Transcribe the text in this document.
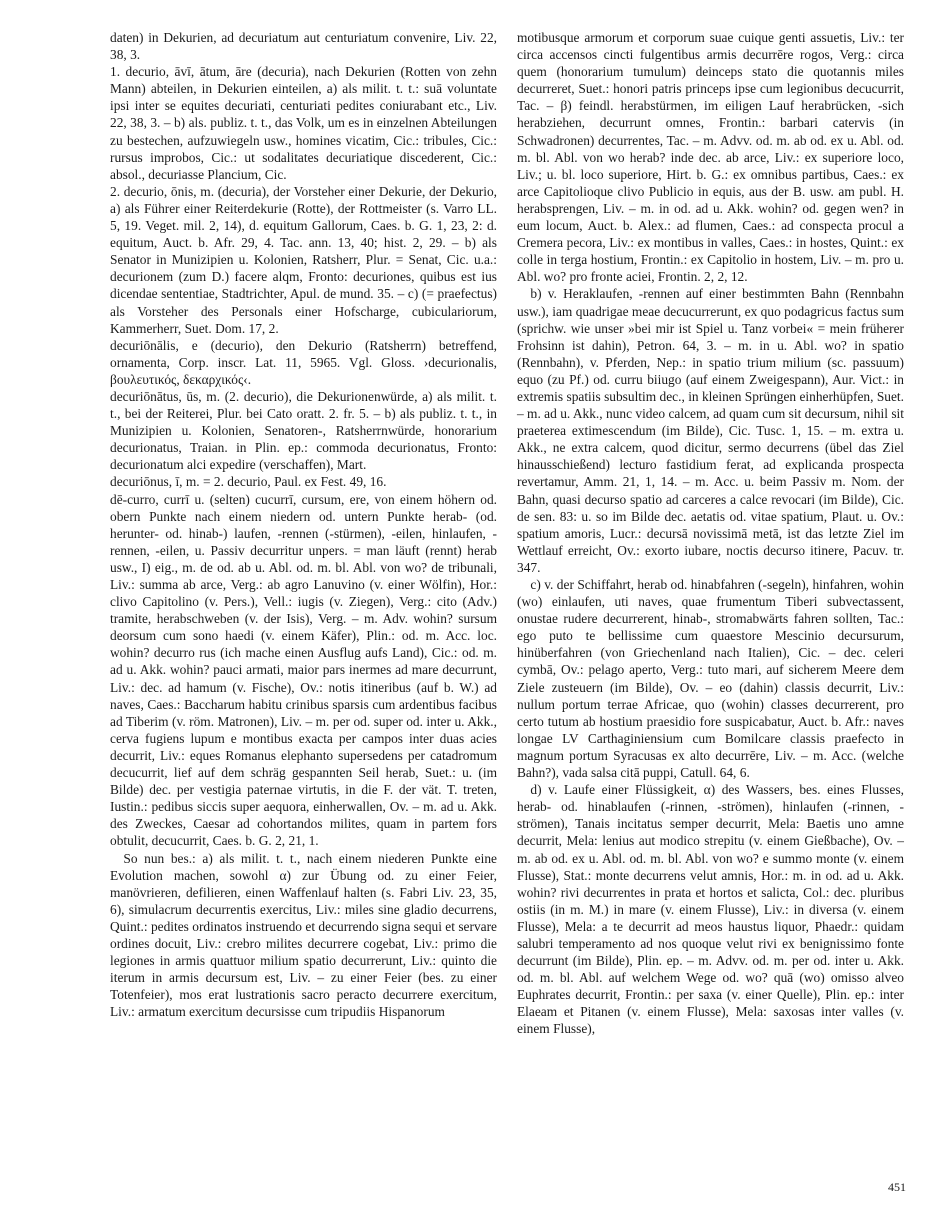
daten) in Dekurien, ad decuriatum aut centuriatum convenire, Liv. 22, 38, 3.

1. decurio, āvī, ātum, āre (decuria), nach Dekurien (Rotten von zehn Mann) abteilen, in Dekurien einteilen, a) als milit. t. t.: suā voluntate ipsi inter se equites decuriati, centuriati pedites coniurabant etc., Liv. 22, 38, 3. – b) als. publiz. t. t., das Volk, um es in einzelnen Abteilungen zu bestechen, aufzuwiegeln usw., homines vicatim, Cic.: tribules, Cic.: rursus improbos, Cic.: ut sodalitates decuriatique discederent, Cic.: absol., decuriasse Plancium, Cic.

2. decurio, ōnis, m. (decuria), der Vorsteher einer Dekurie, der Dekurio, a) als Führer einer Reiterdekurie (Rotte), der Rottmeister (s. Varro LL. 5, 19. Veget. mil. 2, 14), d. equitum Gallorum, Caes. b. G. 1, 23, 2: d. equitum, Auct. b. Afr. 29, 4. Tac. ann. 13, 40; hist. 2, 29. – b) als Senator in Munizipien u. Kolonien, Ratsherr, Plur. = Senat, Cic. u.a.: decurionem (zum D.) facere alqm, Fronto: decuriones, quibus est ius dicendae sententiae, Stadtrichter, Apul. de mund. 35. – c) (= praefectus) als Vorsteher des Personals einer Hofscharge, cubiculariorum, Kammerherr, Suet. Dom. 17, 2.

decuriōnālis, e (decurio), den Dekurio (Ratsherrn) betreffend, ornamenta, Corp. inscr. Lat. 11, 5965. Vgl. Gloss. ›decurionalis, βουλευτικός, δεκαρχικός‹.

decuriōnātus, ūs, m. (2. decurio), die Dekurionenwürde, a) als milit. t. t., bei der Reiterei, Plur. bei Cato oratt. 2. fr. 5. – b) als publiz. t. t., in Munizipien u. Kolonien, Senatoren-, Ratsherrnwürde, honorarium decurionatus, Traian. in Plin. ep.: commoda decurionatus, Fronto: decurionatum alci expedire (verschaffen), Mart.

decuriōnus, ī, m. = 2. decurio, Paul. ex Fest. 49, 16.

dē-curro, currī u. (selten) cucurrī, cursum, ere, von einem höhern od. obern Punkte nach einem niedern od. untern Punkte herab- (od. herunter- od. hinab-) laufen, -rennen (-stürmen), -eilen, hinlaufen, -rennen, -eilen, u. Passiv decurritur unpers. = man läuft (rennt) herab usw., I) eig., m. de od. ab u. Abl. od. m. bl. Abl. von wo? de tribunali, Liv.: summa ab arce, Verg.: ab agro Lanuvino (v. einer Wölfin), Hor.: clivo Capitolino (v. Pers.), Vell.: iugis (v. Ziegen), Verg.: cito (Adv.) tramite, herabschweben (v. der Isis), Verg. – m. Adv. wohin? sursum deorsum cum sono haedi (v. einem Käfer), Plin.: od. m. Acc. loc. wohin? decurro rus (ich mache einen Ausflug aufs Land), Cic.: od. m. ad u. Akk. wohin? pauci armati, maior pars inermes ad mare decurrunt, Liv.: dec. ad hamum (v. Fische), Ov.: notis itineribus (auf b. W.) ad naves, Caes.: Baccharum habitu crinibus sparsis cum ardentibus facibus ad Tiberim (v. röm. Matronen), Liv. – m. per od. super od. inter u. Akk., cerva fugiens lupum e montibus exacta per campos inter duas acies decurrit, Liv.: eques Romanus elephanto supersedens per catadromum decucurrit, lief auf dem schräg gespannten Seil herab, Suet.: u. (im Bilde) dec. per vestigia paternae virtutis, in die F. der vät. T. treten, Iustin.: pedibus siccis super aequora, einherwallen, Ov. – m. ad u. Akk. des Zweckes, Caesar ad cohortandos milites, quam in partem fors obtulit, decucurrit, Caes. b. G. 2, 21, 1.

So nun bes.: a) als milit. t. t., nach einem niederen Punkte eine Evolution machen, sowohl α) zur Übung od. zu einer Feier, manövrieren, defilieren, einen Waffenlauf halten (s. Fabri Liv. 23, 35, 6), simulacrum decurrentis exercitus, Liv.: miles sine gladio decurrens, Quint.: pedites ordinatos instruendo et decurrendo signa sequi et servare ordines docuit, Liv.: crebro milites decurrere cogebat, Liv.: primo die legiones in armis quattuor milium spatio decurrerunt, Liv.: quinto die iterum in armis decursum est, Liv. – zu einer Feier (bes. zu einer Totenfeier), mos erat lustrationis sacro peracto decurrere exercitum, Liv.: armatum exercitum decursisse cum tripudiis Hispanorum

motibusque armorum et corporum suae cuique genti assuetis, Liv.: ter circa accensos cincti fulgentibus armis decurrēre rogos, Verg.: circa quem (honorarium tumulum) deinceps stato die quotannis miles decurreret, Suet.: honori patris princeps ipse cum legionibus decucurrit, Tac. – β) feindl. herabstürmen, im eiligen Lauf herabrücken, -sich herabziehen, decurrunt omnes, Frontin.: barbari catervis (in Schwadronen) decurrentes, Tac. – m. Advv. od. m. ab od. ex u. Abl. od. m. bl. Abl. von wo herab? inde dec. ab arce, Liv.: ex superiore loco, Liv.; u. bl. loco superiore, Hirt. b. G.: ex omnibus partibus, Caes.: ex arce Capitolioque clivo Publicio in equis, aus der B. usw. am publ. H. herabsprengen, Liv. – m. in od. ad u. Akk. wohin? od. gegen wen? in eum locum, Auct. b. Alex.: ad flumen, Caes.: ad conspecta procul a Cremera pecora, Liv.: ex montibus in valles, Caes.: in hostes, Quint.: ex colle in terga hostium, Frontin.: ex Capitolio in hostem, Liv. – m. pro u. Abl. wo? pro fronte aciei, Frontin. 2, 2, 12.

b) v. Heraklaufen, -rennen auf einer bestimmten Bahn (Rennbahn usw.), iam quadrigae meae decucurrerunt, ex quo podagricus factus sum (sprichw. wie unser »bei mir ist Spiel u. Tanz vorbei« = mein früherer Frohsinn ist dahin), Petron. 64, 3. – m. in u. Abl. wo? in spatio (Rennbahn), v. Pferden, Nep.: in spatio trium milium (sc. passuum) equo (zu Pf.) od. curru biiugo (auf einem Zweigespann), Aur. Vict.: in extremis spatiis subsultim dec., in kleinen Sprüngen einherhüpfen, Suet. – m. ad u. Akk., nunc video calcem, ad quam cum sit decursum, nihil sit praeterea extimescendum (im Bilde), Cic. Tusc. 1, 15. – m. extra u. Akk., ne extra calcem, quod dicitur, sermo decurrens (übel das Ziel hinausschießend) lecturo fastidium ferat, ad explicanda prospecta revertamur, Amm. 21, 1, 14. – m. Acc. u. beim Passiv m. Nom. der Bahn, quasi decurso spatio ad carceres a calce revocari (im Bilde), Cic. de sen. 83: u. so im Bilde dec. aetatis od. vitae spatium, Plaut. u. Ov.: spatium amoris, Lucr.: decursā novissimā metā, ist das letzte Ziel im Wettlauf erreicht, Ov.: exorto iubare, noctis decurso itinere, Pacuv. tr. 347.

c) v. der Schiffahrt, herab od. hinabfahren (-segeln), hinfahren, wohin (wo) einlaufen, uti naves, quae frumentum Tiberi subvectassent, onustae rudere decurrerent, hinab-, stromabwärts fahren sollten, Tac.: ego puto te bellissime cum quaestore Mescinio decursurum, hinüberfahren (von Griechenland nach Italien), Cic. – dec. celeri cymbā, Ov.: pelago aperto, Verg.: tuto mari, auf sicherem Meere dem Ziele zusteuern (im Bilde), Ov. – eo (dahin) classis decurrit, Liv.: nullum portum terrae Africae, quo (wohin) classes decurrerent, pro certo tutum ab hostium praesidio fore suspicabatur, Auct. b. Afr.: naves longae LV Carthaginiensium cum Bomilcare classis praefecto in magnum portum Syracusas ex alto decurrēre, Liv. – m. Acc. (welche Bahn?), vada salsa citā puppi, Catull. 64, 6.

d) v. Laufe einer Flüssigkeit, α) des Wassers, bes. eines Flusses, herab- od. hinablaufen (-rinnen, -strömen), hinlaufen (-rinnen, -strömen), Tanais incitatus semper decurrit, Mela: Baetis uno amne decurrit, Mela: lenius aut modico strepitu (v. einem Gießbache), Ov. – m. ab od. ex u. Abl. od. m. bl. Abl. von wo? e summo monte (v. einem Flusse), Stat.: monte decurrens velut amnis, Hor.: m. in od. ad u. Akk. wohin? rivi decurrentes in prata et hortos et salicta, Col.: dec. pluribus ostiis (in m. M.) in mare (v. einem Flusse), Liv.: in diversa (v. einem Flusse), Mela: a te decurrit ad meos haustus liquor, Phaedr.: quidam salubri temperamento ad nos quoque velut rivi ex benignissimo fonte decurrunt (im Bilde), Plin. ep. – m. Advv. od. m. per od. inter u. Akk. od. m. bl. Abl. auf welchem Wege od. wo? quā (wo) omisso alveo Euphrates decurrit, Frontin.: per saxa (v. einer Quelle), Plin. ep.: inter Elaeam et Pitanen (v. einem Flusse), Mela: saxosas inter valles (v. einem Flusse),

451
